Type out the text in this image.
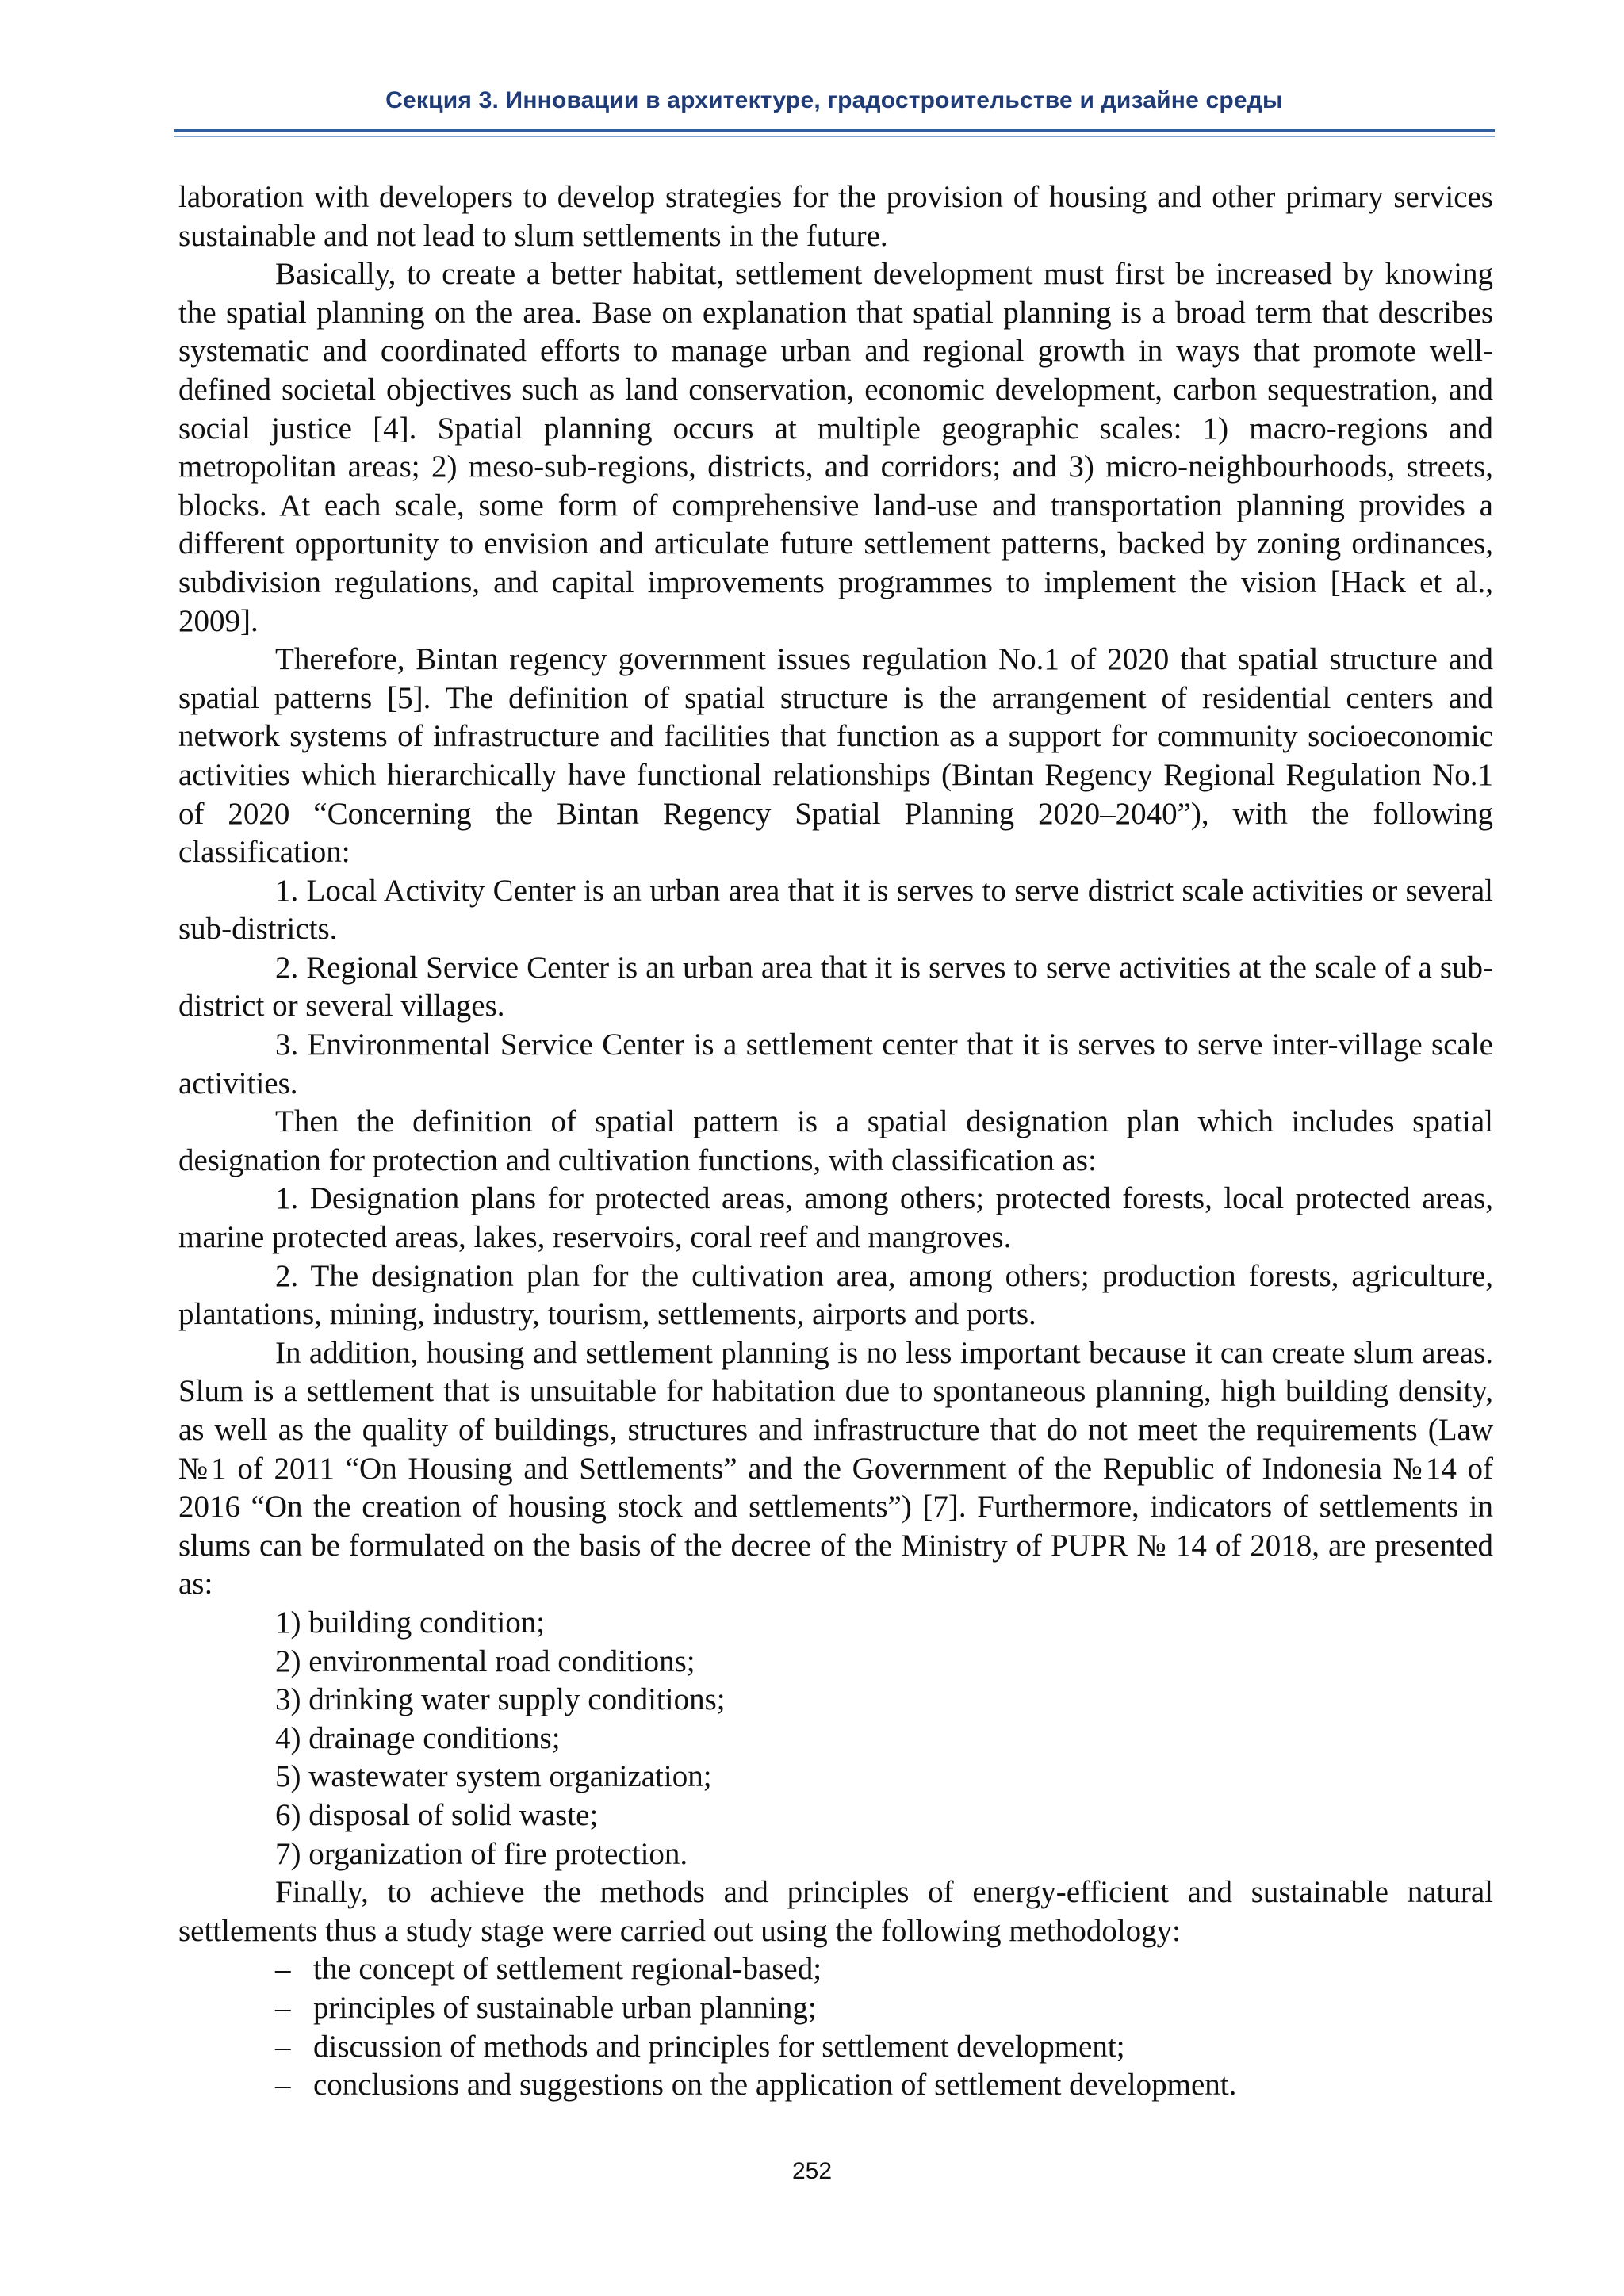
Секция 3. Инновации в архитектуре, градостроительстве и дизайне среды

laboration with developers to develop strategies for the provision of housing and other primary services sustainable and not lead to slum settlements in the future.

Basically, to create a better habitat, settlement development must first be increased by knowing the spatial planning on the area. Base on explanation that spatial planning is a broad term that describes systematic and coordinated efforts to manage urban and regional growth in ways that promote well-defined societal objectives such as land conservation, economic development, carbon sequestration, and social justice [4]. Spatial planning occurs at multiple geographic scales: 1) macro-regions and metropolitan areas; 2) meso-sub-regions, districts, and corridors; and 3) micro-neighbourhoods, streets, blocks. At each scale, some form of comprehensive land-use and transportation planning provides a different opportunity to envision and articulate future settlement patterns, backed by zoning ordinances, subdivision regulations, and capital improvements programmes to implement the vision [Hack et al., 2009].

Therefore, Bintan regency government issues regulation No.1 of 2020 that spatial structure and spatial patterns [5]. The definition of spatial structure is the arrangement of residential centers and network systems of infrastructure and facilities that function as a support for community socioeconomic activities which hierarchically have functional relationships (Bintan Regency Regional Regulation No.1 of 2020 “Concerning the Bintan Regency Spatial Planning 2020–2040”), with the following classification:

1. Local Activity Center is an urban area that it is serves to serve district scale activities or several sub-districts.

2. Regional Service Center is an urban area that it is serves to serve activities at the scale of a sub-district or several villages.

3. Environmental Service Center is a settlement center that it is serves to serve inter-village scale activities.

Then the definition of spatial pattern is a spatial designation plan which includes spatial designation for protection and cultivation functions, with classification as:

1. Designation plans for protected areas, among others; protected forests, local protected areas, marine protected areas, lakes, reservoirs, coral reef and mangroves.

2. The designation plan for the cultivation area, among others; production forests, agriculture, plantations, mining, industry, tourism, settlements, airports and ports.

In addition, housing and settlement planning is no less important because it can create slum areas. Slum is a settlement that is unsuitable for habitation due to spontaneous planning, high building density, as well as the quality of buildings, structures and infrastructure that do not meet the requirements (Law №1 of 2011 “On Housing and Settlements” and the Government of the Republic of Indonesia №14 of 2016 “On the creation of housing stock and settlements”) [7]. Furthermore, indicators of settlements in slums can be formulated on the basis of the decree of the Ministry of PUPR № 14 of 2018, are presented as:

1) building condition;

2) environmental road conditions;

3) drinking water supply conditions;

4) drainage conditions;

5) wastewater system organization;

6) disposal of solid waste;

7) organization of fire protection.

Finally, to achieve the methods and principles of energy-efficient and sustainable natural settlements thus a study stage were carried out using the following methodology:

– the concept of settlement regional-based;

– principles of sustainable urban planning;

– discussion of methods and principles for settlement development;

– conclusions and suggestions on the application of settlement development.

252
